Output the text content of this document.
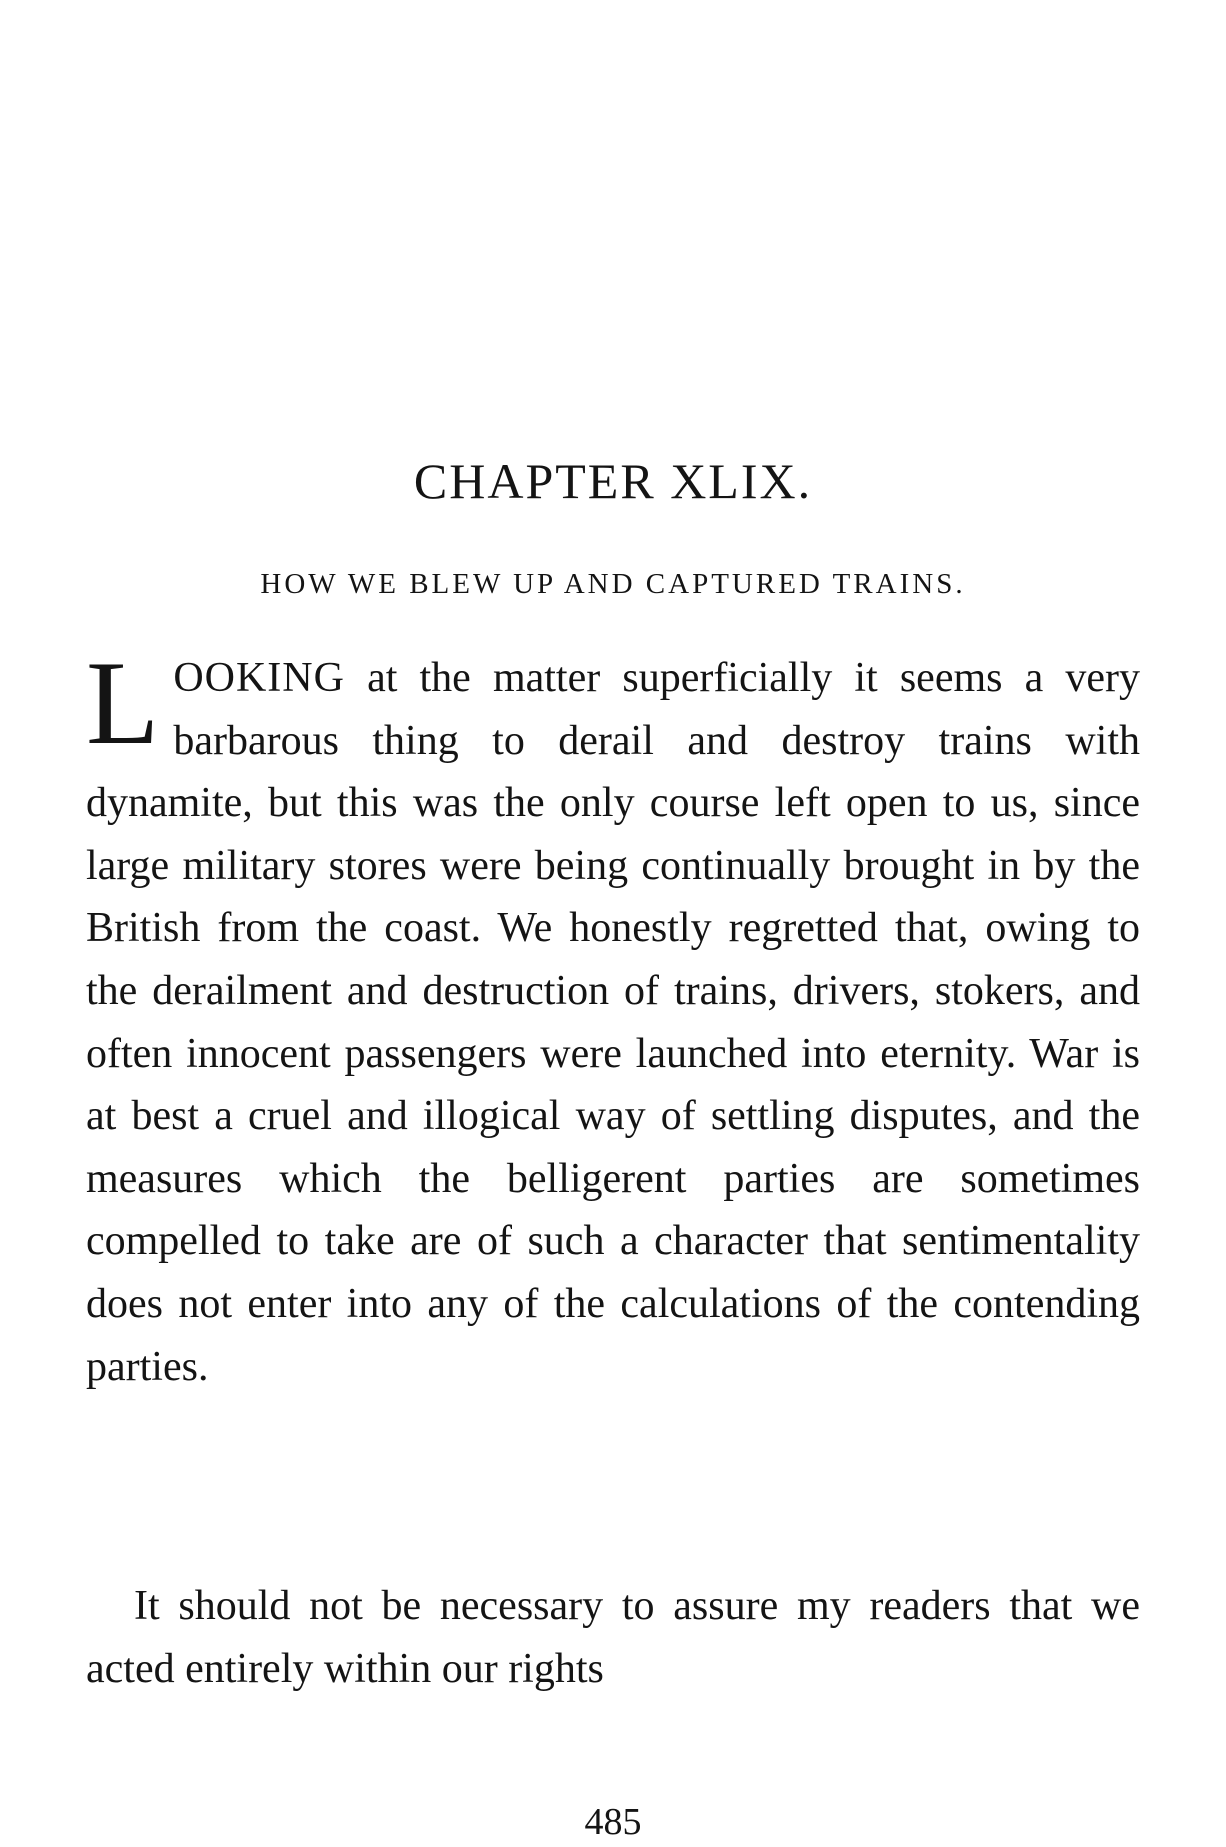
CHAPTER XLIX.
HOW WE BLEW UP AND CAPTURED TRAINS.

LOOKING at the matter superficially it seems a very barbarous thing to derail and destroy trains with dynamite, but this was the only course left open to us, since large military stores were being continually brought in by the British from the coast. We honestly regretted that, owing to the derailment and destruction of trains, drivers, stokers, and often innocent passengers were launched into eternity. War is at best a cruel and illogical way of settling disputes, and the measures which the belligerent parties are sometimes compelled to take are of such a character that sentimentality does not enter into any of the calculations of the contending parties.

It should not be necessary to assure my readers that we acted entirely within our rights

485
